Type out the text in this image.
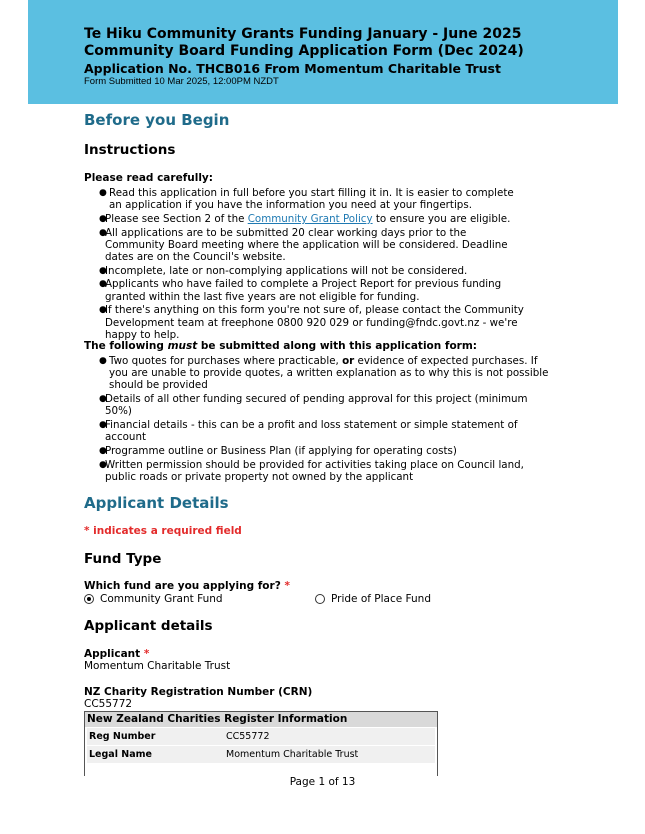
Te Hiku Community Grants Funding January - June 2025
Community Board Funding Application Form (Dec 2024)
Application No. THCB016 From Momentum Charitable Trust
Form Submitted 10 Mar 2025, 12:00PM NZDT
Before you Begin
Instructions
Please read carefully:
● Read this application in full before you start filling it in. It is easier to complete an application if you have the information you need at your fingertips.
●
Please see Section 2 of the Community Grant Policy to ensure you are eligible.
●
All applications are to be submitted 20 clear working days prior to the Community Board meeting where the application will be considered. Deadline dates are on the Council's website.
●
Incomplete, late or non-complying applications will not be considered.
●
Applicants who have failed to complete a Project Report for previous funding granted within the last five years are not eligible for funding.
●
If there's anything on this form you're not sure of, please contact the Community Development team at freephone 0800 920 029 or funding@fndc.govt.nz - we're happy to help.
The following must be submitted along with this application form:
● Two quotes for purchases where practicable, or evidence of expected purchases. If you are unable to provide quotes, a written explanation as to why this is not possible should be provided
●
Details of all other funding secured of pending approval for this project (minimum 50%)
●
Financial details - this can be a profit and loss statement or simple statement of account
●
Programme outline or Business Plan (if applying for operating costs)
●
Written permission should be provided for activities taking place on Council land, public roads or private property not owned by the applicant
Applicant Details
* indicates a required field
Fund Type
Which fund are you applying for? *
Community Grant Fund	Pride of Place Fund
Applicant details
Applicant *
Momentum Charitable Trust
NZ Charity Registration Number (CRN)
CC55772
New Zealand Charities Register Information
Reg Number	CC55772
Legal Name	Momentum Charitable Trust
Page 1 of 13
